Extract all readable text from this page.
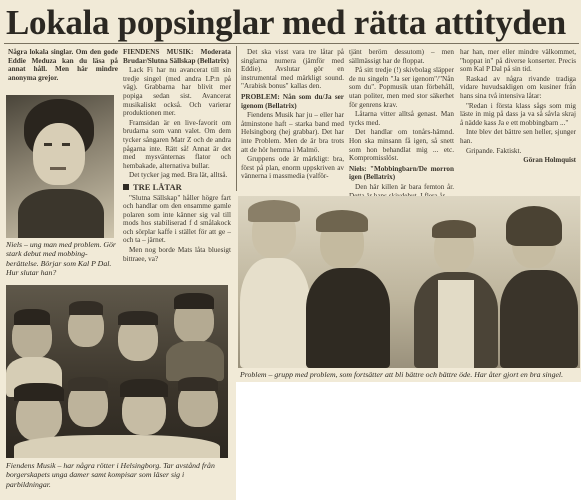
Lokala popsinglar med rätta attityden

Några lokala singlar. Om den gode Eddie Meduza kan du läsa på annat håll. Men här mindre anonyma grejor.

Niels – ung man med problem. Gör stark debut med mobbing-berättelse. Börjar som Kal P Dal. Hur slutar han?
Fiendens Musik – har några rötter i Helsingborg. Tar avstånd från borgerskapets unga damer samt kompisar som läser sig i parbildningar.

FIENDENS MUSIK: Moderata Brudar/Slutna Sällskap (Bellatrix)

Lack Fi har nu avancerat till sin tredje singel (med andra LP:n på väg). Grabbarna har blivit mer popiga sedan sist. Avancerat musikaliskt också. Och varierar produktionen mer.

Framsidan är en live-favorit om brudarna som vann valet. Om dem tycker sångaren Matr Z och de andra pågarna inte. Rätt så! Annat är det med mysvänternas flator och hembakade, alternativa bullar.

Det tycker jag med. Bra lät, alltså.

TRE LÅTAR

"Slutna Sällskap" håller högre fart och handlar om den ensamme gamle polaren som inte känner sig val till mods hos stabiliserad f d smålakock och sörplar kaffe i stället för att ge – och ta – järnet.

Men nog borde Mats låta bluesigt bittraee, va?

Det ska visst vara tre låtar på singlarna numera (jämför med Eddie). Avslutar gör en instrumental med märkligt sound. "Arabisk bonus" kallas den.

PROBLEM: Nån som du/Ja ser igenom (Bellatrix)

Fiendens Musik har ju – eller har åtminstone haft – starka band med Helsingborg (hej grabbar). Det har inte Problem. Men de är bra trots att de hör hemma i Malmö.

Gruppens ode är märkligt: bra, först på plan, enorm uppskriven av vännerna i massmedia (valför-

tjänt berörn dessutom) – men sällmässigt har de floppat.

På sitt tredje (!) skivbolag släpper de nu singeln "Ja ser igenom"/"Nån som du". Popmusik utan förbehåll, utan politer, men med stor säkerhet för genrens krav.

Låtarna vitter alltså genast. Man tycks med.

Det handlar om tonårs-hämnd. Hon ska minsann få igen, så snett som hon behandlat mig ... etc. Kompromisslöst.

Niels: "Mobbingbarn/De morron igen (Bellatrix)

Den här killen är bara femton år.

har han, mer eller mindre välkommet, "hoppat in" på diverse konserter. Precis som Kal P Dal på sin tid.

Raskad av några rivande tradiga vidare huvudsakligen om kusiner från hans sina två intensiva låtar:

"Redan i första klass sågs som mig läste in mig på dass ja va så såvla skraj å nädde kass Ja e ett mobbingbarn ..."

Inte blev det bättre sen heller, sjunger han.

Gripande. Faktiskt.

Göran Holmquist

Problem – grupp med problem, som fortsätter att bli bättre och bättre öde. Har åter gjort en bra singel.
